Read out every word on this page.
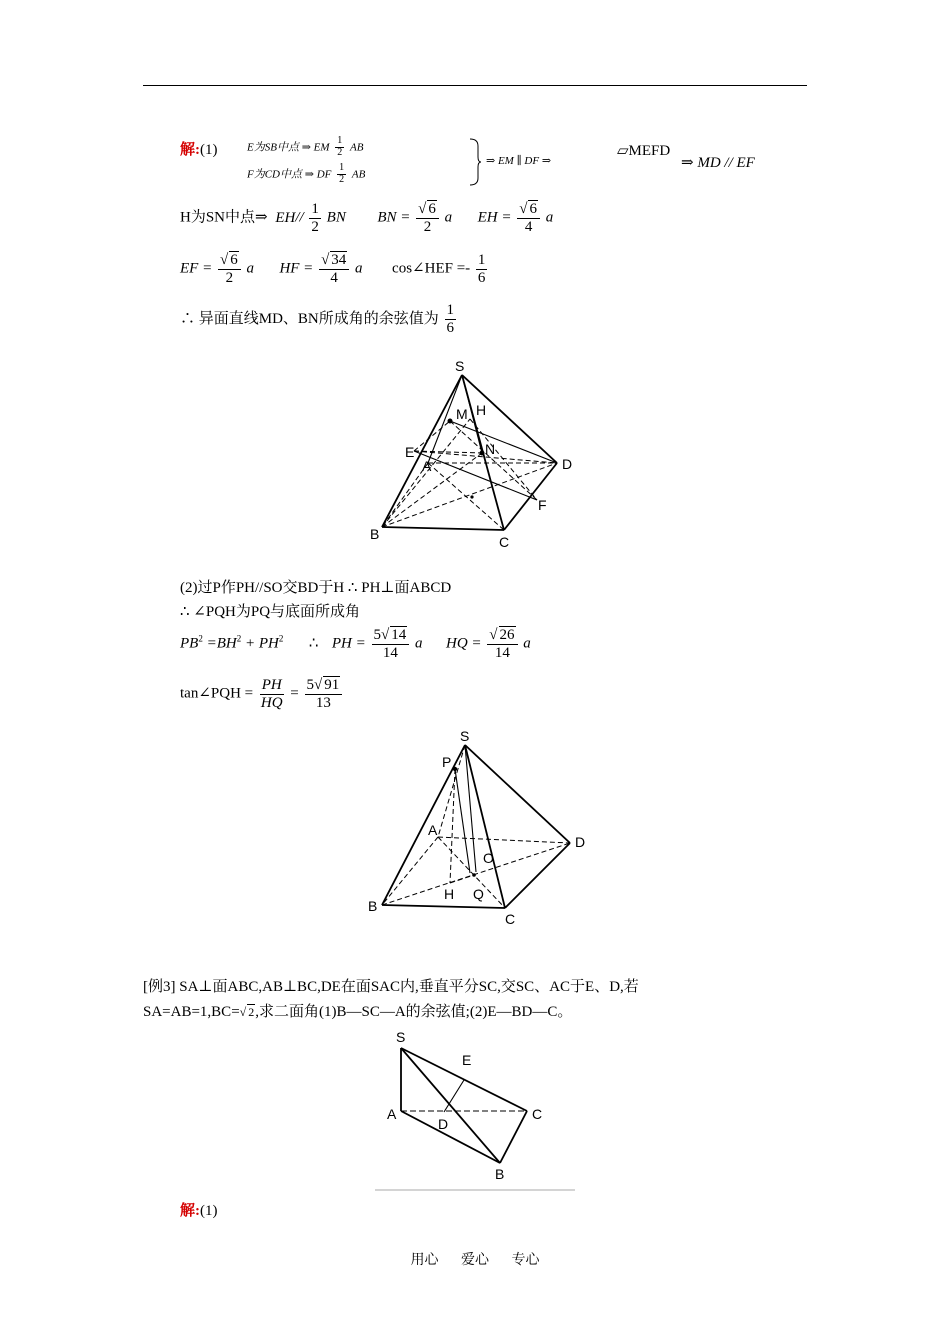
解:(1)	E为SB中点 ⇒ EM $\frac{1}{2}$ AB
F为CD中点 ⇒ DF $\frac{1}{2}$ AB
⇒ EM ∥ DF ⇒
▱MEFD
⇒ MD // EF
H为SN中点⇒ $EH// \frac{1}{2}$ BN BN = $\frac{√ 6}{2}$ a EH = $\frac{√ 6}{4}$ a
EF = $\frac{√ 6}{2}$ a HF = $\frac{√ 34}{4}$ a cos∠HEF =- $\frac{1}{6}$
∴ 异面直线MD、BN所成角的余弦值为 $\frac{1}{6}$
S
M H
E	N
A	D
F
B	C
(2)过P作PH//SO交BD于H ∴ PH⊥面ABCD
∴ ∠PQH为PQ与底面所成角
$PB^2 =BH^2 + PH^2$ ∴ PH = $\frac{5√ 14}{14}$ a HQ = $\frac{√ 26}{14}$ a
tan∠PQH = $\frac{PH}{HQ} = \frac{5√ 91}{13}$
S
P
A
D
O
B
H Q
C
[例3] SA⊥面ABC,AB⊥BC,DE在面SAC内,垂直平分SC,交SC、AC于E、D,若
SA=AB=1,BC=√ 2,求二面角(1)B—SC—A的余弦值;(2)E—BD—C。
S
E
A	C
D
B
解:(1)
用心 爱心 专心
